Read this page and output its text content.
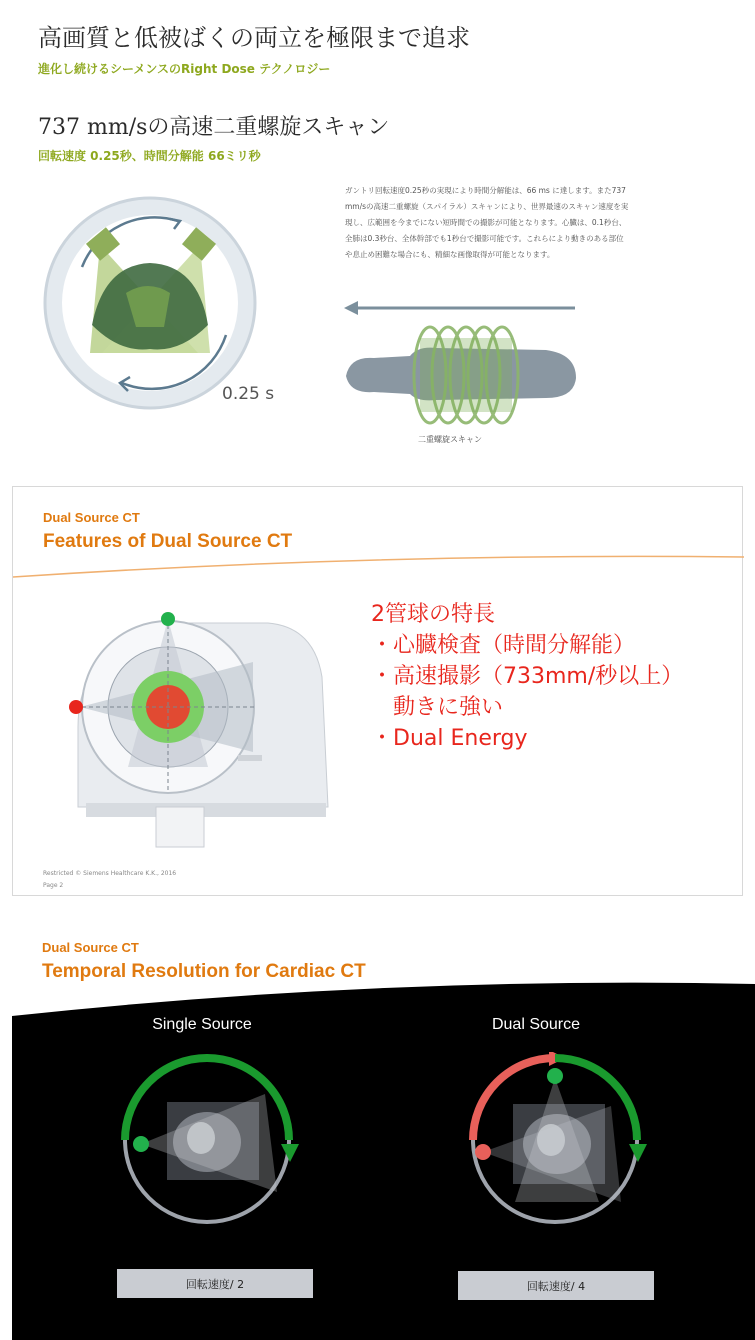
高画質と低被ばくの両立を極限まで追求
進化し続けるシーメンスのRight Dose テクノロジー
737 mm/sの高速二重螺旋スキャン
回転速度 0.25秒、時間分解能 66ミリ秒
0.25 s
ガントリ回転速度0.25秒の実現により時間分解能は、66 ms に達します。また737 mm/sの高速二重螺旋（スパイラル）スキャンにより、世界最速のスキャン速度を実現し、広範囲を今までにない短時間での撮影が可能となります。心臓は、0.1秒台、全肺は0.3秒台、全体幹部でも1秒台で撮影可能です。これらにより動きのある部位や息止め困難な場合にも、精細な画像取得が可能となります。
二重螺旋スキャン
Dual Source CT
Features of Dual Source CT
2管球の特長
・心臓検査（時間分解能）
・高速撮影（733mm/秒以上）
　動きに強い
・Dual Energy
Restricted © Siemens Healthcare K.K., 2016
Page 2
Dual Source CT
Temporal Resolution for Cardiac CT
Single Source	Dual Source
回転速度/ 2	回転速度/ 4
